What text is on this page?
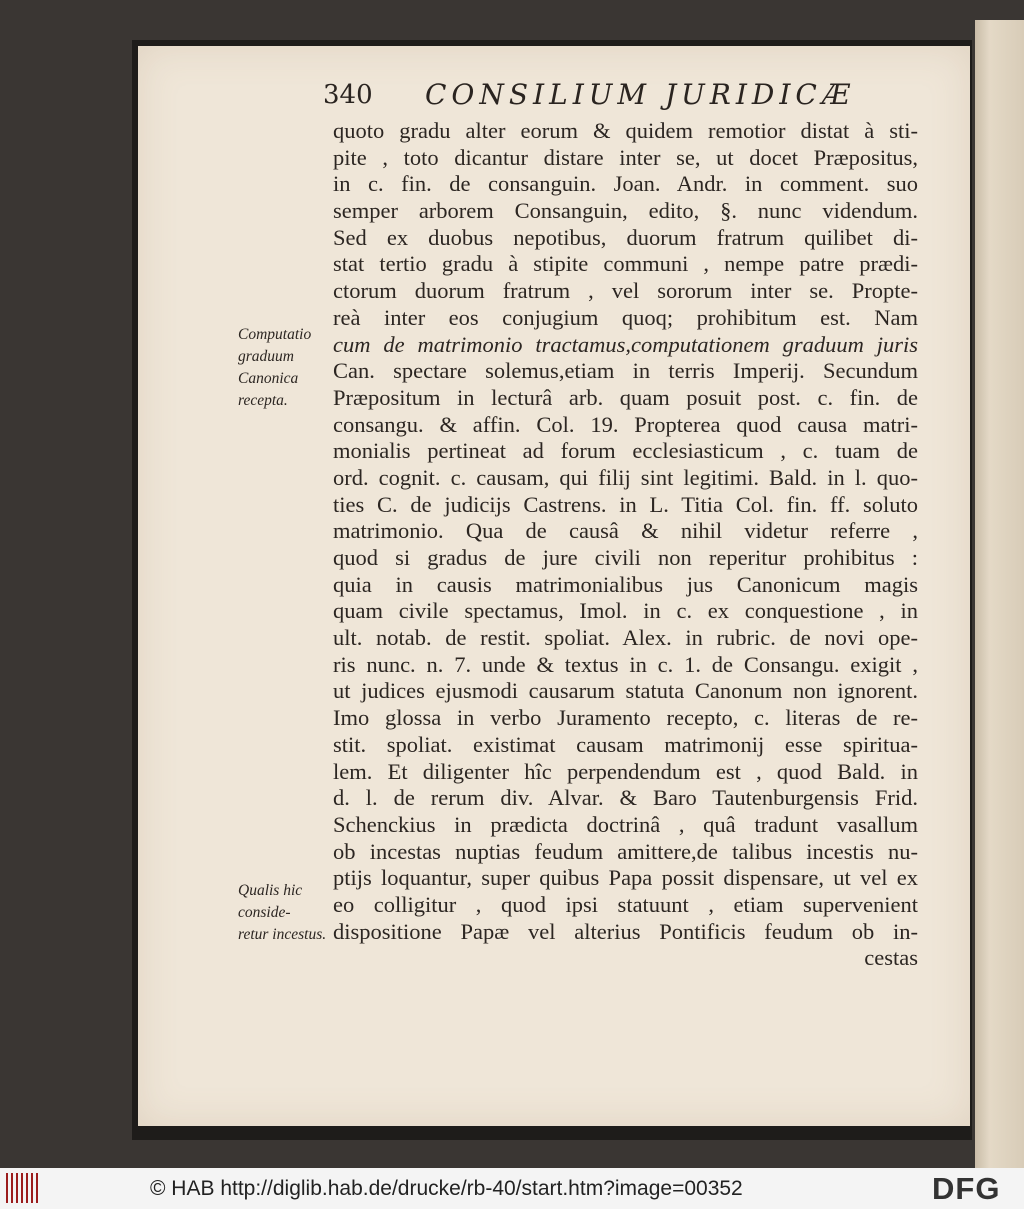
340 CONSILIUM JURIDICÆ
quoto gradu alter eorum & quidem remotior distat à sti-
pite , toto dicantur distare inter se, ut docet Præpositus,
in c. fin. de consanguin. Joan. Andr. in comment. suo
semper arborem Consanguin, edito, §. nunc videndum.
Sed ex duobus nepotibus, duorum fratrum quilibet di-
stat tertio gradu à stipite communi , nempe patre prædi-
ctorum duorum fratrum , vel sororum inter se. Propte-
reà inter eos conjugium quoq; prohibitum est. Nam
cum de matrimonio tractamus,computationem graduum juris
Can. spectare solemus,etiam in terris Imperij. Secundum
Præpositum in lecturâ arb. quam posuit post. c. fin. de
consangu. & affin. Col. 19. Propterea quod causa matri-
monialis pertineat ad forum ecclesiasticum , c. tuam de
ord. cognit. c. causam, qui filij sint legitimi. Bald. in l. quo-
ties C. de judicijs Castrens. in L. Titia Col. fin. ff. soluto
matrimonio. Qua de causâ & nihil videtur referre ,
quod si gradus de jure civili non reperitur prohibitus :
quia in causis matrimonialibus jus Canonicum magis
quam civile spectamus, Imol. in c. ex conquestione , in
ult. notab. de restit. spoliat. Alex. in rubric. de novi ope-
ris nunc. n. 7. unde & textus in c. 1. de Consangu. exigit ,
ut judices ejusmodi causarum statuta Canonum non ignorent.
Imo glossa in verbo Juramento recepto, c. literas de re-
stit. spoliat. existimat causam matrimonij esse spiritua-
lem. Et diligenter hîc perpendendum est , quod Bald. in
d. l. de rerum div. Alvar. & Baro Tautenburgensis Frid.
Schenckius in prædicta doctrinâ , quâ tradunt vasallum
ob incestas nuptias feudum amittere,de talibus incestis nu-
ptijs loquantur, super quibus Papa possit dispensare, ut vel ex
eo colligitur , quod ipsi statuunt , etiam supervenient
dispositione Papæ vel alterius Pontificis feudum ob in-
cestas
Computatio
graduum
Canonica
recepta.
Qualis hic
conside-
retur incestus.
© HAB http://diglib.hab.de/drucke/rb-40/start.htm?image=00352	DFG
